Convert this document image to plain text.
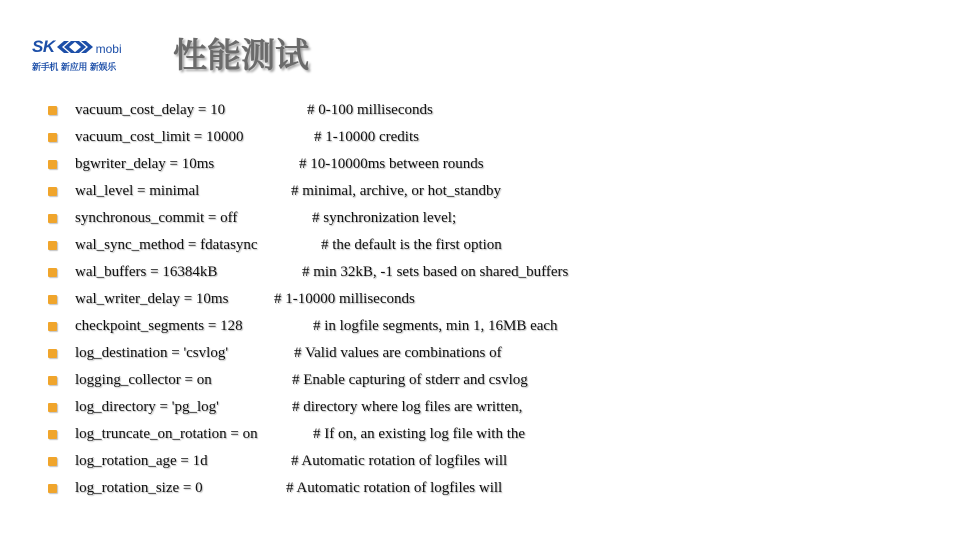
SK	mobi
新手机 新应用 新娱乐	性能测试
vacuum_cost_delay = 10	# 0-100 milliseconds
vacuum_cost_limit = 10000	# 1-10000 credits
bgwriter_delay = 10ms	# 10-10000ms between rounds
wal_level = minimal	# minimal, archive, or hot_standby
synchronous_commit = off	# synchronization level;
wal_sync_method = fdatasync	# the default is the first option
wal_buffers = 16384kB	# min 32kB, -1 sets based on shared_buffers
wal_writer_delay = 10ms	# 1-10000 milliseconds
checkpoint_segments = 128	# in logfile segments, min 1, 16MB each
log_destination = 'csvlog'	# Valid values are combinations of
logging_collector = on	# Enable capturing of stderr and csvlog
log_directory = 'pg_log'	# directory where log files are written,
log_truncate_on_rotation = on	# If on, an existing log file with the
log_rotation_age = 1d	# Automatic rotation of logfiles will
log_rotation_size = 0	# Automatic rotation of logfiles will
